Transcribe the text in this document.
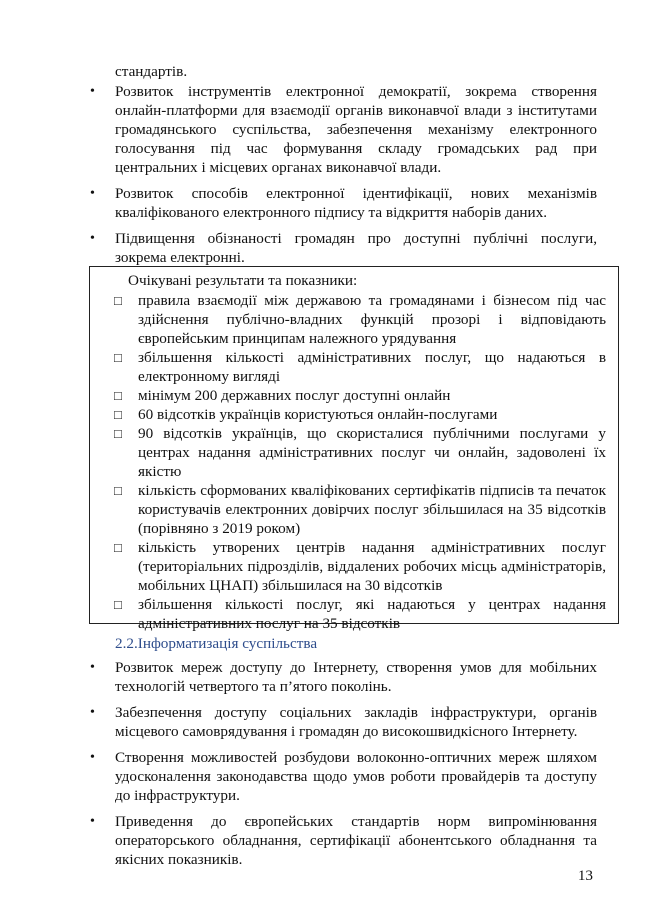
стандартів.
• Розвиток інструментів електронної демократії, зокрема створення онлайн-платформи для взаємодії органів виконавчої влади з інститутами громадянського суспільства, забезпечення механізму електронного голосування під час формування складу громадських рад при центральних і місцевих органах виконавчої влади.
• Розвиток способів електронної ідентифікації, нових механізмів кваліфікованого електронного підпису та відкриття наборів даних.
• Підвищення обізнаності громадян про доступні публічні послуги, зокрема електронні.
Очікувані результати та показники:
□ правила взаємодії між державою та громадянами і бізнесом під час здійснення публічно-владних функцій прозорі і відповідають європейським принципам належного урядування
□ збільшення кількості адміністративних послуг, що надаються в електронному вигляді
□ мінімум 200 державних послуг доступні онлайн
□ 60 відсотків українців користуються онлайн-послугами
□ 90 відсотків українців, що скористалися публічними послугами у центрах надання адміністративних послуг чи онлайн, задоволені їх якістю
□ кількість сформованих кваліфікованих сертифікатів підписів та печаток користувачів електронних довірчих послуг збільшилася на 35 відсотків (порівняно з 2019 роком)
□ кількість утворених центрів надання адміністративних послуг (територіальних підрозділів, віддалених робочих місць адміністраторів, мобільних ЦНАП) збільшилася на 30 відсотків
□ збільшення кількості послуг, які надаються у центрах надання адміністративних послуг на 35 відсотків
2.2.Інформатизація суспільства
• Розвиток мереж доступу до Інтернету, створення умов для мобільних технологій четвертого та п’ятого поколінь.
• Забезпечення доступу соціальних закладів інфраструктури, органів місцевого самоврядування і громадян до високошвидкісного Інтернету.
• Створення можливостей розбудови волоконно-оптичних мереж шляхом удосконалення законодавства щодо умов роботи провайдерів та доступу до інфраструктури.
• Приведення до європейських стандартів норм випромінювання операторського обладнання, сертифікації абонентського обладнання та якісних показників.
13
